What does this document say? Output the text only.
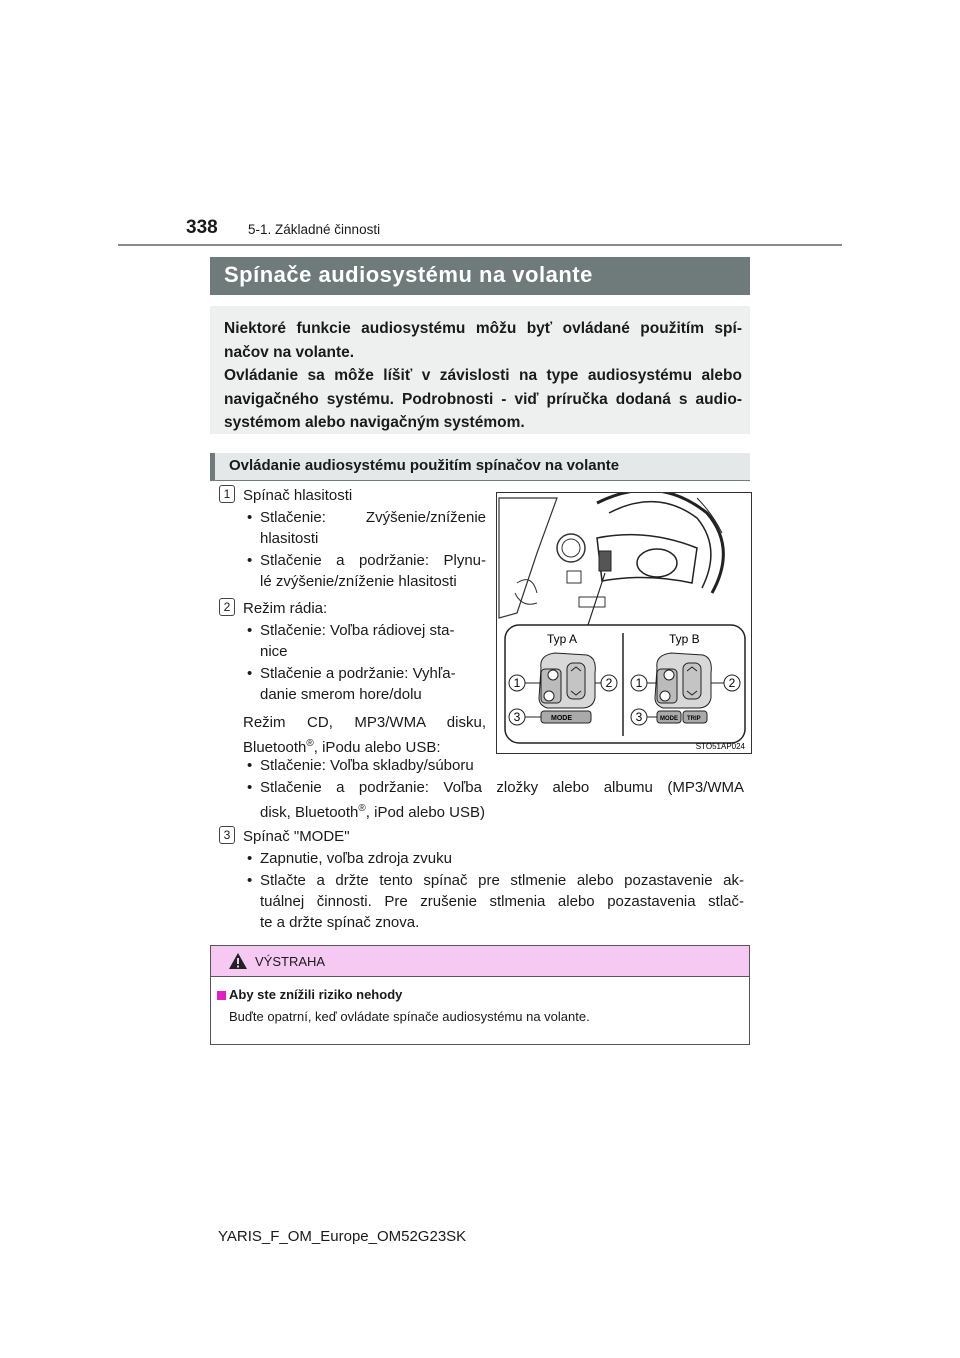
338 5-1. Základné činnosti
Spínače audiosystému na volante

Niektoré funkcie audiosystému môžu byť ovládané použitím spí-načov na volante.

Ovládanie sa môže líšiť v závislosti na type audiosystému alebo navigačného systému. Podrobnosti - viď príručka dodaná s audio-systémom alebo navigačným systémom.

Ovládanie audiosystému použitím spínačov na volante
1 Spínač hlasitosti
• Stlačenie: Zvýšenie/zníženie
hlasitosti
• Stlačenie a podržanie: Plynu-
lé zvýšenie/zníženie hlasitosti
2 Režim rádia:
• Stlačenie: Voľba rádiovej sta-
nice
• Stlačenie a podržanie: Vyhľa-
danie smerom hore/dolu
Režim CD, MP3/WMA disku,
Bluetooth®, iPodu alebo USB:
• Stlačenie: Voľba skladby/súboru
• Stlačenie a podržanie: Voľba zložky alebo albumu (MP3/WMA
disk, Bluetooth®, iPod alebo USB)
3 Spínač "MODE"
• Zapnutie, voľba zdroja zvuku
• Stlačte a držte tento spínač pre stlmenie alebo pozastavenie ak-
tuálnej činnosti. Pre zrušenie stlmenia alebo pozastavenia stlač-
te a držte spínač znova.
Typ A	Typ B
MODE	MODE TRIP
1	2
3
1	2
3
STO51AP024
VÝSTRAHA
Aby ste znížili riziko nehody
Buďte opatrní, keď ovládate spínače audiosystému na volante.
YARIS_F_OM_Europe_OM52G23SK
